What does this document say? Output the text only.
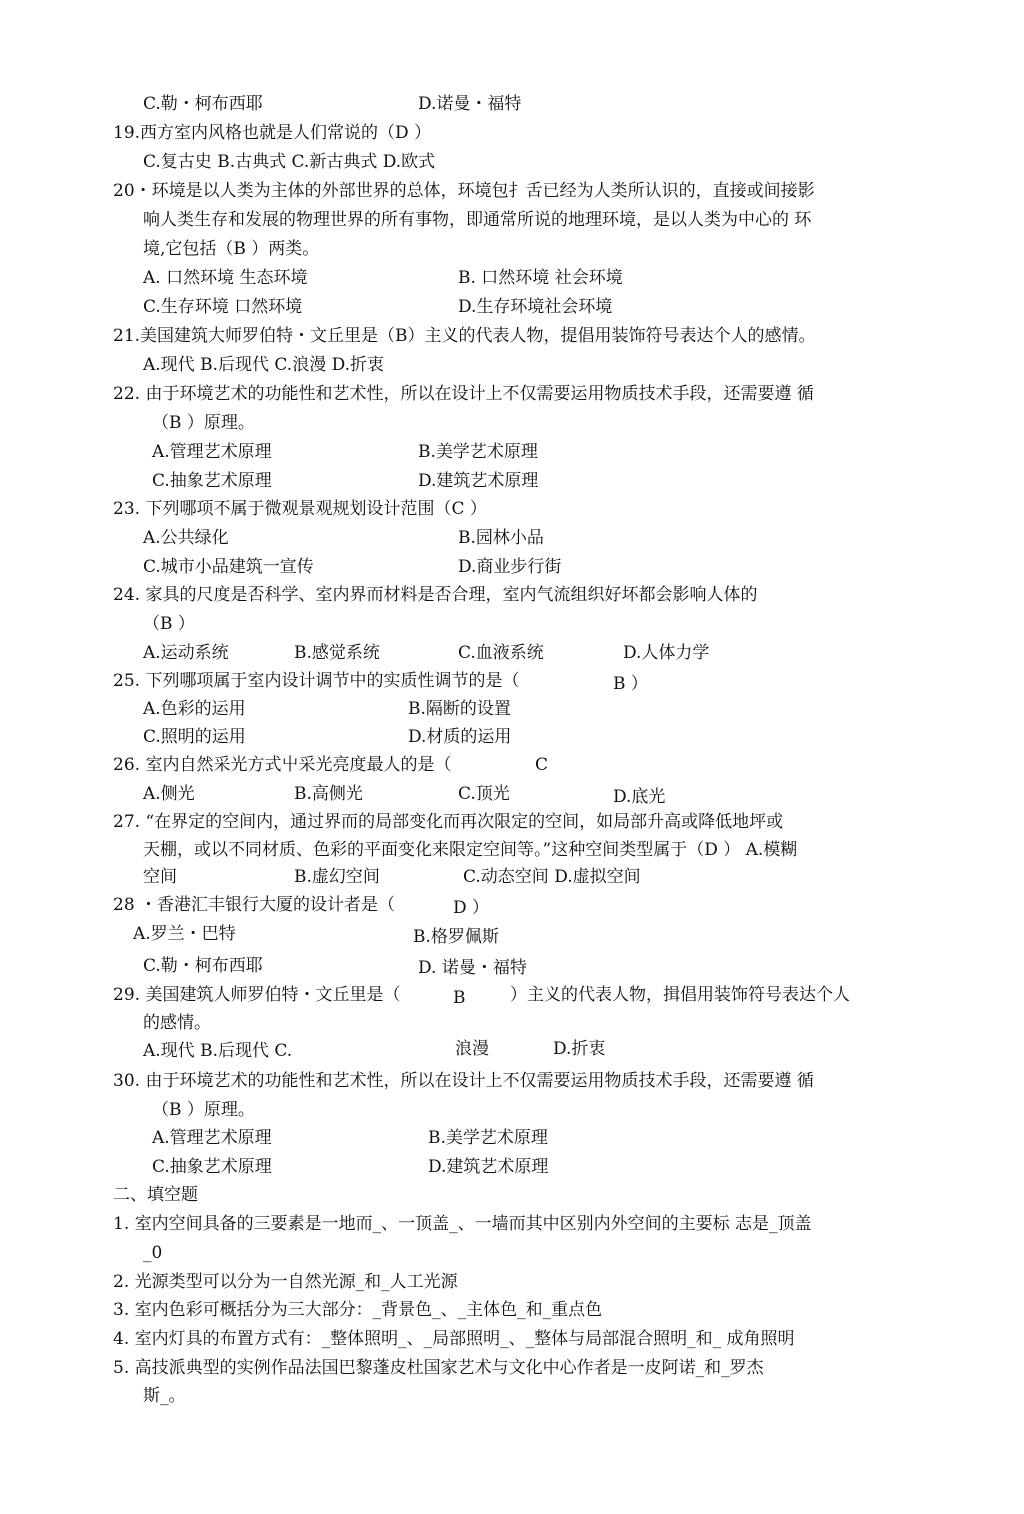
C.勒・柯布西耶	D.诺曼・福特
19.西方室内风格也就是人们常说的（D ）
C.复古史 B.古典式 C.新古典式 D.欧式
20・环境是以人类为主体的外部世界的总体，环境包扌舌已经为人类所认识的，直接或间接影
响人类生存和发展的物理世界的所有事物，即通常所说的地理环境，是以人类为中心的 环
境,它包括（B ）两类。
A. 口然环境 生态环境	B. 口然环境 社会环境
C.生存环境 口然环境	D.生存环境社会环境
21.美国建筑大师罗伯特・文丘里是（B）主义的代表人物，提倡用装饰符号表达个人的感情。
A.现代 B.后现代 C.浪漫 D.折衷
22. 由于环境艺术的功能性和艺术性，所以在设计上不仅需要运用物质技术手段，还需要遵 循
（B ）原理。
A.管理艺术原理	B.美学艺术原理
C.抽象艺术原理	D.建筑艺术原理
23. 下列哪项不属于微观景观规划设计范围（C ）
A.公共绿化	B.园林小品
C.城市小品建筑一宣传	D.商业步行街
24. 家具的尺度是否科学、室内界而材料是否合理，室内气流组织好坏都会影响人体的
（B ）
A.运动系统	B.感觉系统	C.血液系统	D.人体力学
25. 下列哪项属于室内设计调节中的实质性调节的是（	B ）
A.色彩的运用	B.隔断的设置
C.照明的运用	D.材质的运用
26. 室内自然采光方式屮采光亮度最人的是（	C
A.侧光	B.高侧光	C.顶光	D.底光
27. “在界定的空间内，通过界而的局部变化而再次限定的空间，如局部升高或降低地坪或
天棚，或以不同材质、色彩的平面变化来限定空间等。”这种空间类型属于（D ） A.模糊
空间	B.虚幻空间	C.动态空间 D.虚拟空间
28 ・香港汇丰银行大厦的设计者是（	D ）
A.罗兰・巴特	B.格罗佩斯
C.勒・柯布西耶	D. 诺曼・福特
29. 美国建筑人师罗伯特・文丘里是（	B	）主义的代表人物，揖倡用装饰符号表达个人
的感情。
A.现代 B.后现代 C.	浪漫	D.折衷
30. 由于环境艺术的功能性和艺术性，所以在设计上不仅需要运用物质技术手段，还需要遵 循
（B ）原理。
A.管理艺术原理	B.美学艺术原理
C.抽象艺术原理	D.建筑艺术原理
二、填空题
1. 室内空间具备的三要素是一地而_、一顶盖_、一墙而其中区别内外空间的主要标 志是_顶盖
_0
2. 光源类型可以分为一自然光源_和_人工光源
3. 室内色彩可概括分为三大部分：_背景色_、_主体色_和_重点色
4. 室内灯具的布置方式有：_整体照明_、_局部照明_、_整体与局部混合照明_和_ 成角照明
5. 高技派典型的实例作品法国巴黎蓬皮杜国家艺术与文化中心作者是一皮阿诺_和_罗杰
斯_。
